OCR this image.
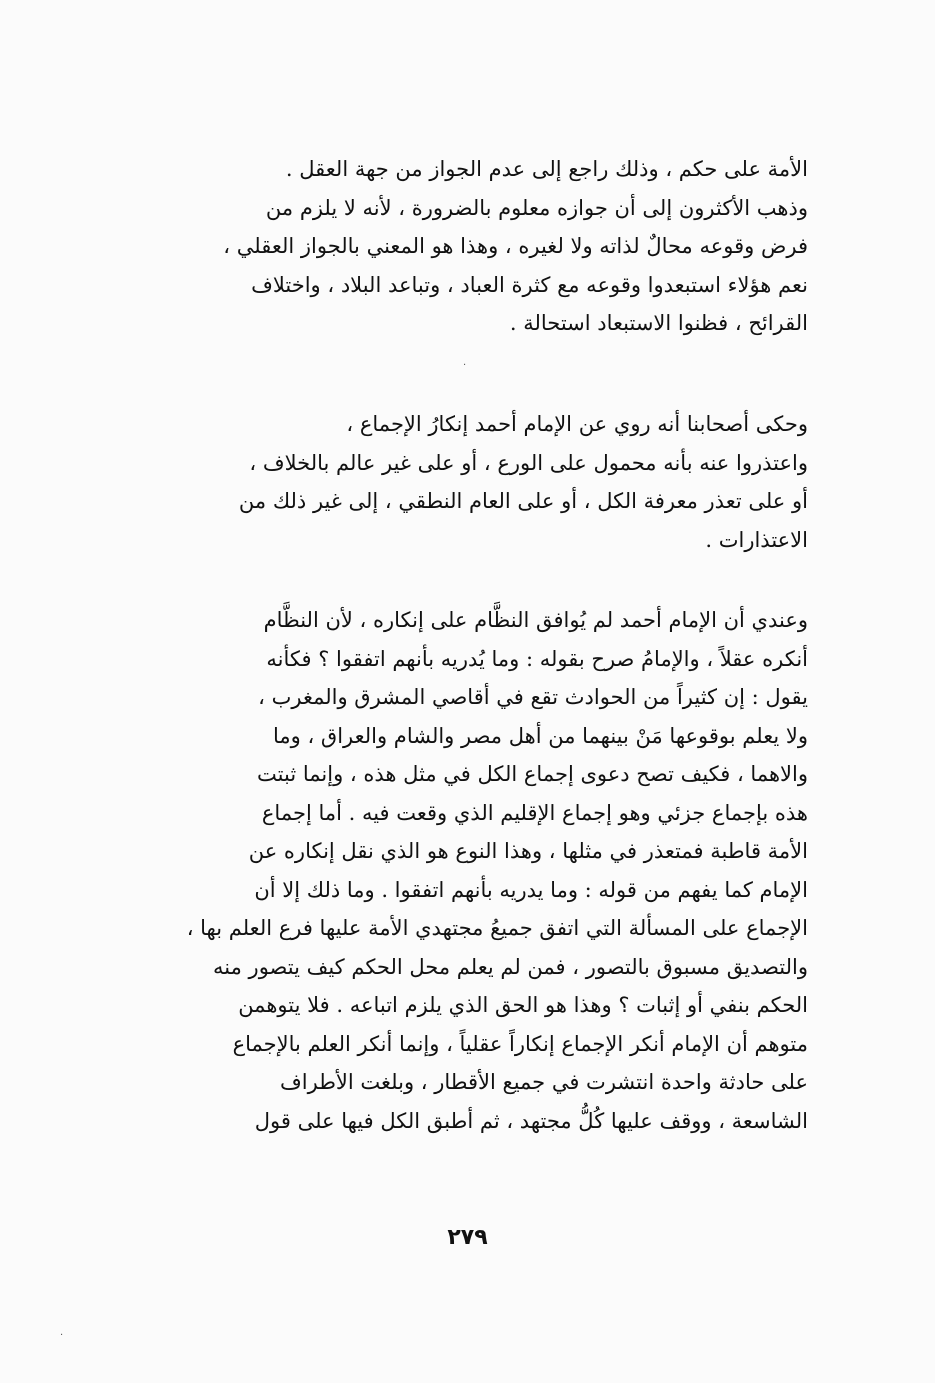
الأمة على حكم ، وذلك راجع إلى عدم الجواز من جهة العقل .
وذهب الأكثرون إلى أن جوازه معلوم بالضرورة ، لأنه لا يلزم من
فرض وقوعه محالٌ لذاته ولا لغيره ، وهذا هو المعني بالجواز العقلي ،
نعم هؤلاء استبعدوا وقوعه مع كثرة العباد ، وتباعد البلاد ، واختلاف
القرائح ، فظنوا الاستبعاد استحالة .
·
وحكى أصحابنا أنه روي عن الإمام أحمد إنكارُ الإجماع ،
واعتذروا عنه بأنه محمول على الورع ، أو على غير عالم بالخلاف ،
أو على تعذر معرفة الكل ، أو على العام النطقي ، إلى غير ذلك من
الاعتذارات .
وعندي أن الإمام أحمد لم يُوافق النظَّام على إنكاره ، لأن النظَّام
أنكره عقلاً ، والإمامُ صرح بقوله : وما يُدريه بأنهم اتفقوا ؟ فكأنه
يقول : إن كثيراً من الحوادث تقع في أقاصي المشرق والمغرب ،
ولا يعلم بوقوعها مَنْ بينهما من أهل مصر والشام والعراق ، وما
والاهما ، فكيف تصح دعوى إجماع الكل في مثل هذه ، وإنما ثبتت
هذه بإجماع جزئي وهو إجماع الإقليم الذي وقعت فيه . أما إجماع
الأمة قاطبة فمتعذر في مثلها ، وهذا النوع هو الذي نقل إنكاره عن
الإمام كما يفهم من قوله : وما يدريه بأنهم اتفقوا . وما ذلك إلا أن
الإجماع على المسألة التي اتفق جميعُ مجتهدي الأمة عليها فرع العلم بها ،
والتصديق مسبوق بالتصور ، فمن لم يعلم محل الحكم كيف يتصور منه
الحكم بنفي أو إثبات ؟ وهذا هو الحق الذي يلزم اتباعه . فلا يتوهمن
متوهم أن الإمام أنكر الإجماع إنكاراً عقلياً ، وإنما أنكر العلم بالإجماع
على حادثة واحدة انتشرت في جميع الأقطار ، وبلغت الأطراف
الشاسعة ، ووقف عليها كُلُّ مجتهد ، ثم أطبق الكل فيها على قول
٢٧٩
·
